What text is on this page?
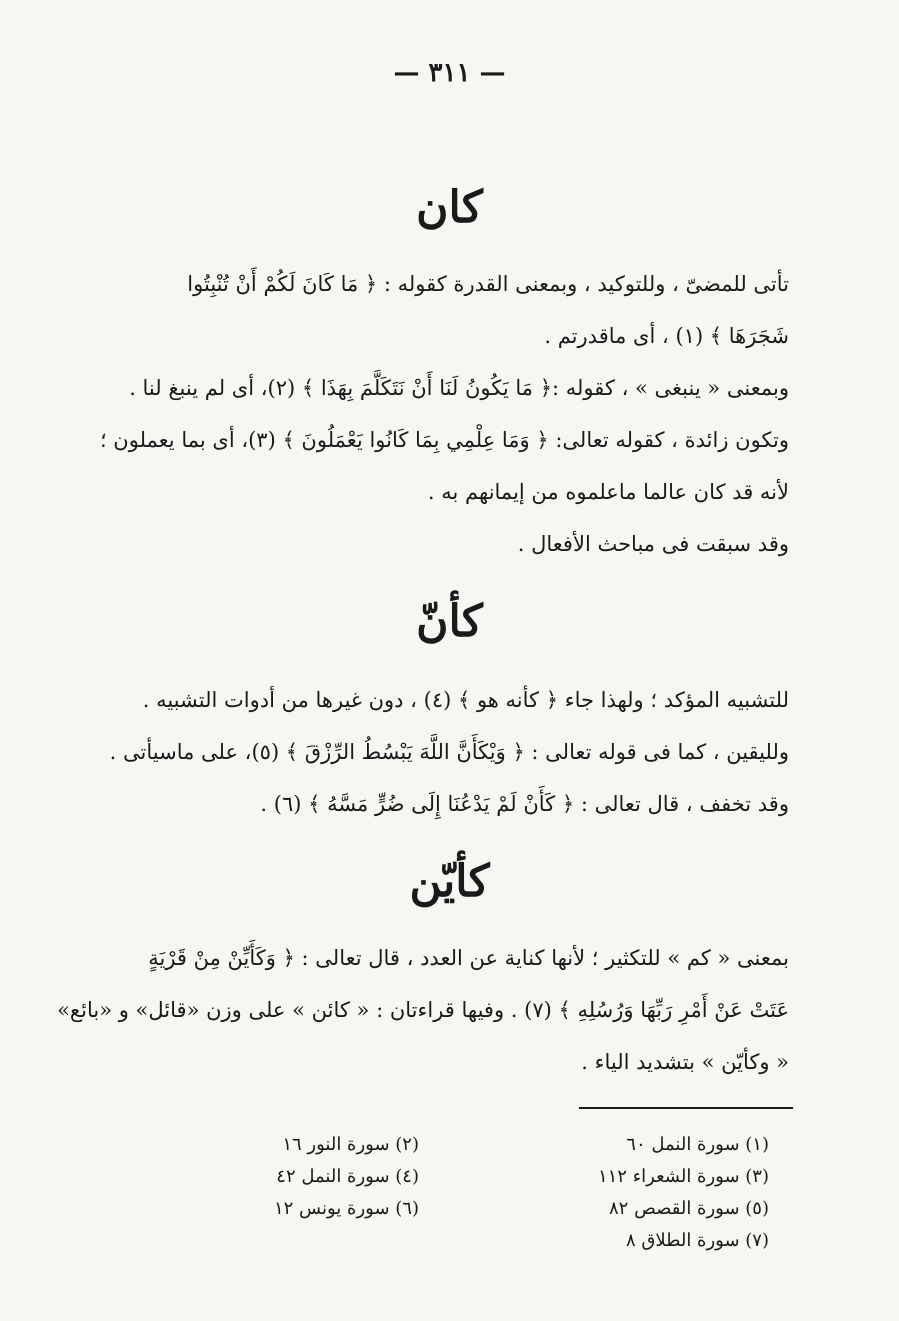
— ٣١١ —
كان
تأتى للمضىّ ، وللتوكيد ، وبمعنى القدرة كقوله : ﴿ مَا كَانَ لَكُمْ أَنْ تُنْبِتُوا
شَجَرَهَا ﴾ (١) ، أى ماقدرتم .
وبمعنى « ينبغى » ، كقوله :﴿ مَا يَكُونُ لَنَا أَنْ نَتَكَلَّمَ بِهَذَا ﴾ (٢)، أى لم ينبغ لنا .
وتكون زائدة ، كقوله تعالى: ﴿ وَمَا عِلْمِي بِمَا كَانُوا يَعْمَلُونَ ﴾ (٣)، أى بما يعملون ؛
لأنه قد كان عالما ماعلموه من إيمانهم به .
وقد سبقت فى مباحث الأفعال .
كأنّ
للتشبيه المؤكد ؛ ولهذا جاء ﴿ كأنه هو ﴾ (٤) ، دون غيرها من أدوات التشبيه .
ولليقين ، كما فى قوله تعالى : ﴿ وَيْكَأَنَّ اللَّهَ يَبْسُطُ الرِّزْقَ ﴾ (٥)، على ماسيأتى .
وقد تخفف ، قال تعالى : ﴿ كَأَنْ لَمْ يَدْعُنَا إِلَى ضُرٍّ مَسَّهُ ﴾ (٦) .
كأيّن
بمعنى « كم » للتكثير ؛ لأنها كناية عن العدد ، قال تعالى : ﴿ وَكَأَيِّنْ مِنْ قَرْيَةٍ
عَتَتْ عَنْ أَمْرِ رَبِّهَا وَرُسُلِهِ ﴾ (٧) . وفيها قراءتان : « كائن » على وزن «قائل» و «بائع»
« وكأيّن » بتشديد الياء .
(١) سورة النمل ٦٠
(٢) سورة النور ١٦
(٣) سورة الشعراء ١١٢
(٤) سورة النمل ٤٢
(٥) سورة القصص ٨٢
(٦) سورة يونس ١٢
(٧) سورة الطلاق ٨
